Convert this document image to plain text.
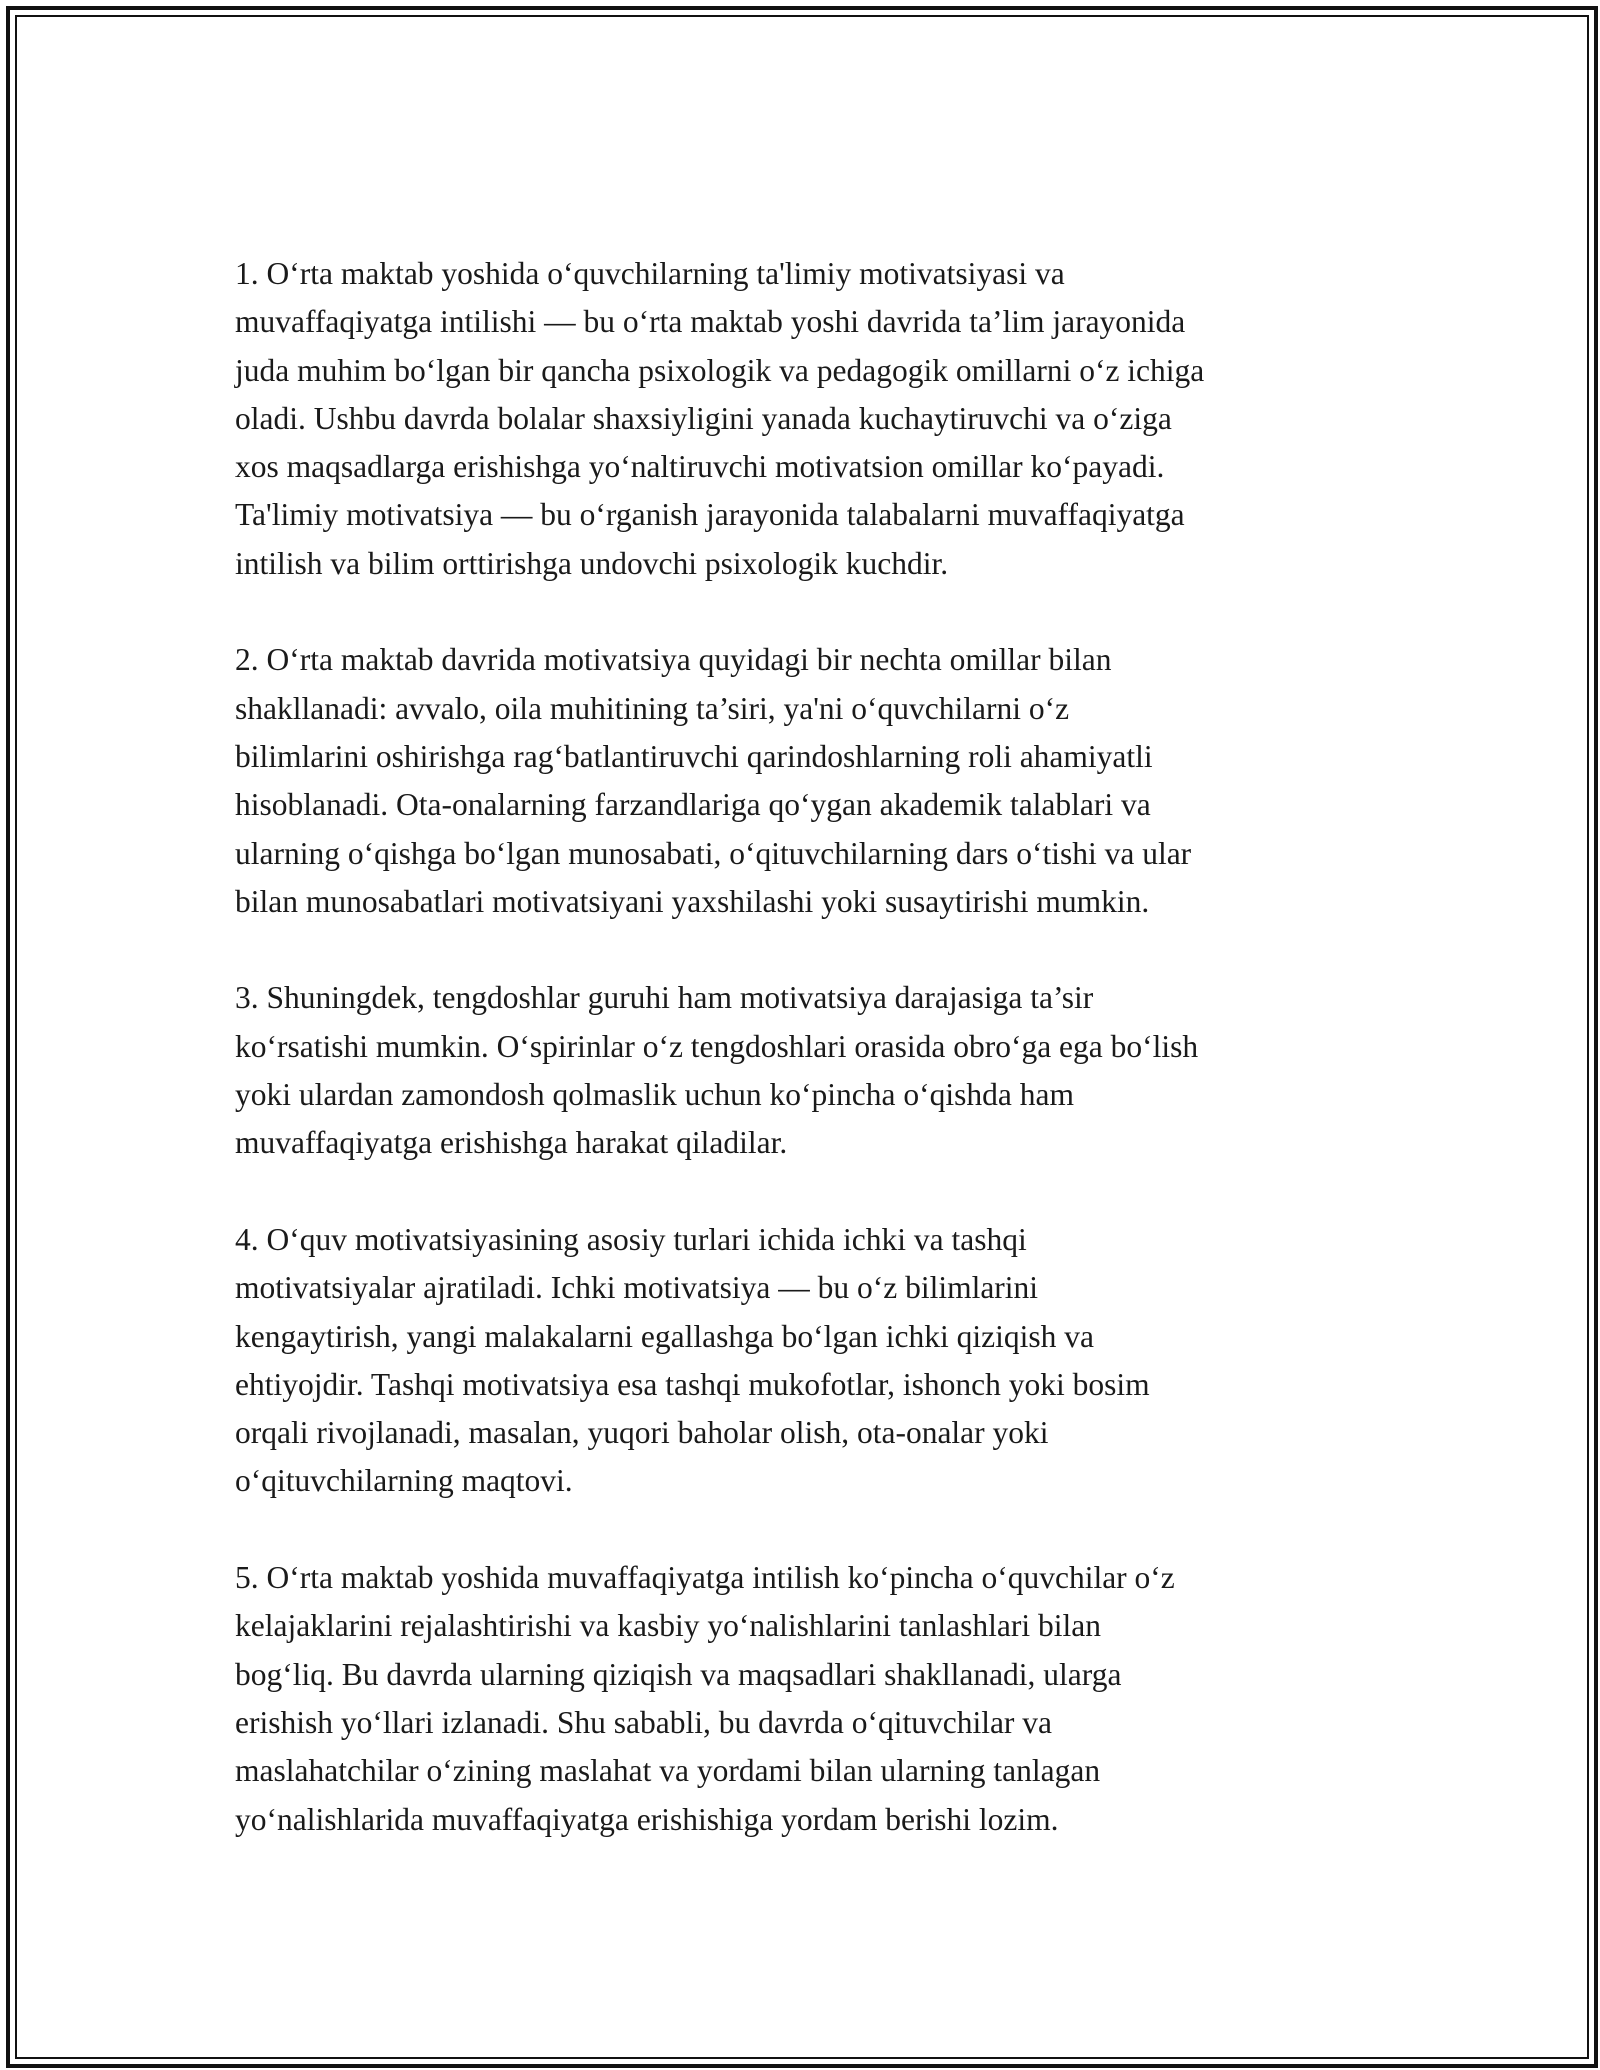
1. O‘rta maktab yoshida o‘quvchilarning ta'limiy motivatsiyasi va
muvaffaqiyatga intilishi — bu o‘rta maktab yoshi davrida ta’lim jarayonida
juda muhim bo‘lgan bir qancha psixologik va pedagogik omillarni o‘z ichiga
oladi. Ushbu davrda bolalar shaxsiyligini yanada kuchaytiruvchi va o‘ziga
xos maqsadlarga erishishga yo‘naltiruvchi motivatsion omillar ko‘payadi.
Ta'limiy motivatsiya — bu o‘rganish jarayonida talabalarni muvaffaqiyatga
intilish va bilim orttirishga undovchi psixologik kuchdir.

2. O‘rta maktab davrida motivatsiya quyidagi bir nechta omillar bilan
shakllanadi: avvalo, oila muhitining ta’siri, ya'ni o‘quvchilarni o‘z
bilimlarini oshirishga rag‘batlantiruvchi qarindoshlarning roli ahamiyatli
hisoblanadi. Ota-onalarning farzandlariga qo‘ygan akademik talablari va
ularning o‘qishga bo‘lgan munosabati, o‘qituvchilarning dars o‘tishi va ular
bilan munosabatlari motivatsiyani yaxshilashi yoki susaytirishi mumkin.

3. Shuningdek, tengdoshlar guruhi ham motivatsiya darajasiga ta’sir
ko‘rsatishi mumkin. O‘spirinlar o‘z tengdoshlari orasida obro‘ga ega bo‘lish
yoki ulardan zamondosh qolmaslik uchun ko‘pincha o‘qishda ham
muvaffaqiyatga erishishga harakat qiladilar.

4. O‘quv motivatsiyasining asosiy turlari ichida ichki va tashqi
motivatsiyalar ajratiladi. Ichki motivatsiya — bu o‘z bilimlarini
kengaytirish, yangi malakalarni egallashga bo‘lgan ichki qiziqish va
ehtiyojdir. Tashqi motivatsiya esa tashqi mukofotlar, ishonch yoki bosim
orqali rivojlanadi, masalan, yuqori baholar olish, ota-onalar yoki
o‘qituvchilarning maqtovi.

5. O‘rta maktab yoshida muvaffaqiyatga intilish ko‘pincha o‘quvchilar o‘z
kelajaklarini rejalashtirishi va kasbiy yo‘nalishlarini tanlashlari bilan
bog‘liq. Bu davrda ularning qiziqish va maqsadlari shakllanadi, ularga
erishish yo‘llari izlanadi. Shu sababli, bu davrda o‘qituvchilar va
maslahatchilar o‘zining maslahat va yordami bilan ularning tanlagan
yo‘nalishlarida muvaffaqiyatga erishishiga yordam berishi lozim.
